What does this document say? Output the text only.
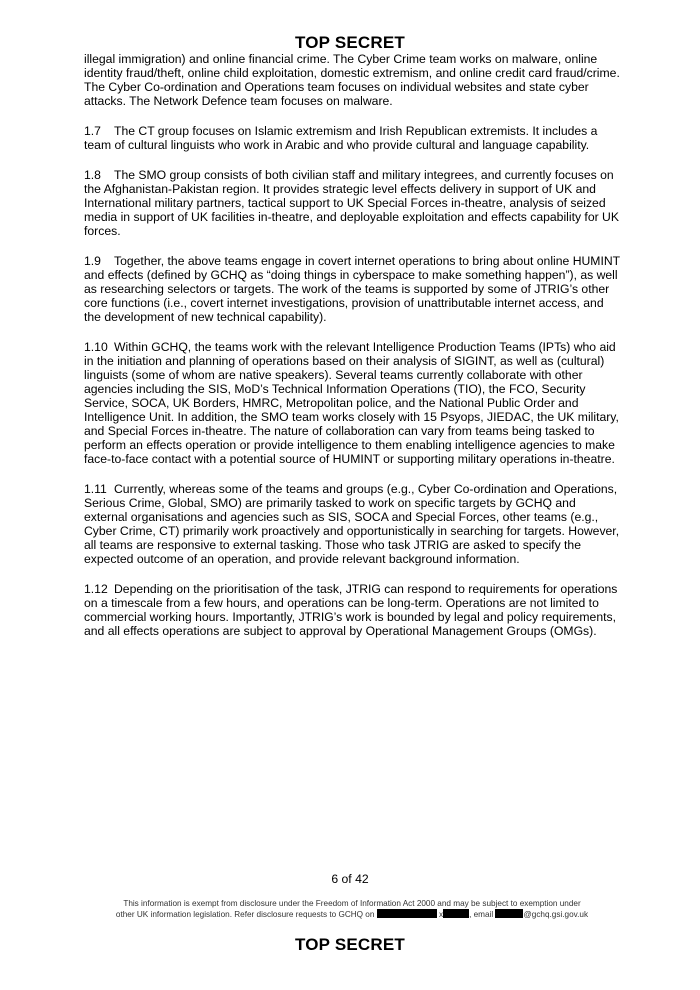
TOP SECRET

illegal immigration) and online financial crime. The Cyber Crime team works on malware, online identity fraud/theft, online child exploitation, domestic extremism, and online credit card fraud/crime. The Cyber Co-ordination and Operations team focuses on individual websites and state cyber attacks. The Network Defence team focuses on malware.

1.7 The CT group focuses on Islamic extremism and Irish Republican extremists. It includes a team of cultural linguists who work in Arabic and who provide cultural and language capability.

1.8 The SMO group consists of both civilian staff and military integrees, and currently focuses on the Afghanistan-Pakistan region. It provides strategic level effects delivery in support of UK and International military partners, tactical support to UK Special Forces in-theatre, analysis of seized media in support of UK facilities in-theatre, and deployable exploitation and effects capability for UK forces.

1.9 Together, the above teams engage in covert internet operations to bring about online HUMINT and effects (defined by GCHQ as “doing things in cyberspace to make something happen”), as well as researching selectors or targets. The work of the teams is supported by some of JTRIG’s other core functions (i.e., covert internet investigations, provision of unattributable internet access, and the development of new technical capability).

1.10 Within GCHQ, the teams work with the relevant Intelligence Production Teams (IPTs) who aid in the initiation and planning of operations based on their analysis of SIGINT, as well as (cultural) linguists (some of whom are native speakers). Several teams currently collaborate with other agencies including the SIS, MoD’s Technical Information Operations (TIO), the FCO, Security Service, SOCA, UK Borders, HMRC, Metropolitan police, and the National Public Order and Intelligence Unit. In addition, the SMO team works closely with 15 Psyops, JIEDAC, the UK military, and Special Forces in-theatre. The nature of collaboration can vary from teams being tasked to perform an effects operation or provide intelligence to them enabling intelligence agencies to make face-to-face contact with a potential source of HUMINT or supporting military operations in-theatre.

1.11 Currently, whereas some of the teams and groups (e.g., Cyber Co-ordination and Operations, Serious Crime, Global, SMO) are primarily tasked to work on specific targets by GCHQ and external organisations and agencies such as SIS, SOCA and Special Forces, other teams (e.g., Cyber Crime, CT) primarily work proactively and opportunistically in searching for targets. However, all teams are responsive to external tasking. Those who task JTRIG are asked to specify the expected outcome of an operation, and provide relevant background information.

1.12 Depending on the prioritisation of the task, JTRIG can respond to requirements for operations on a timescale from a few hours, and operations can be long-term. Operations are not limited to commercial working hours. Importantly, JTRIG’s work is bounded by legal and policy requirements, and all effects operations are subject to approval by Operational Management Groups (OMGs).

6 of 42
This information is exempt from disclosure under the Freedom of Information Act 2000 and may be subject to exemption under
other UK information legislation. Refer disclosure requests to GCHQ on	x	, email	@gchq.gsi.gov.uk
TOP SECRET
